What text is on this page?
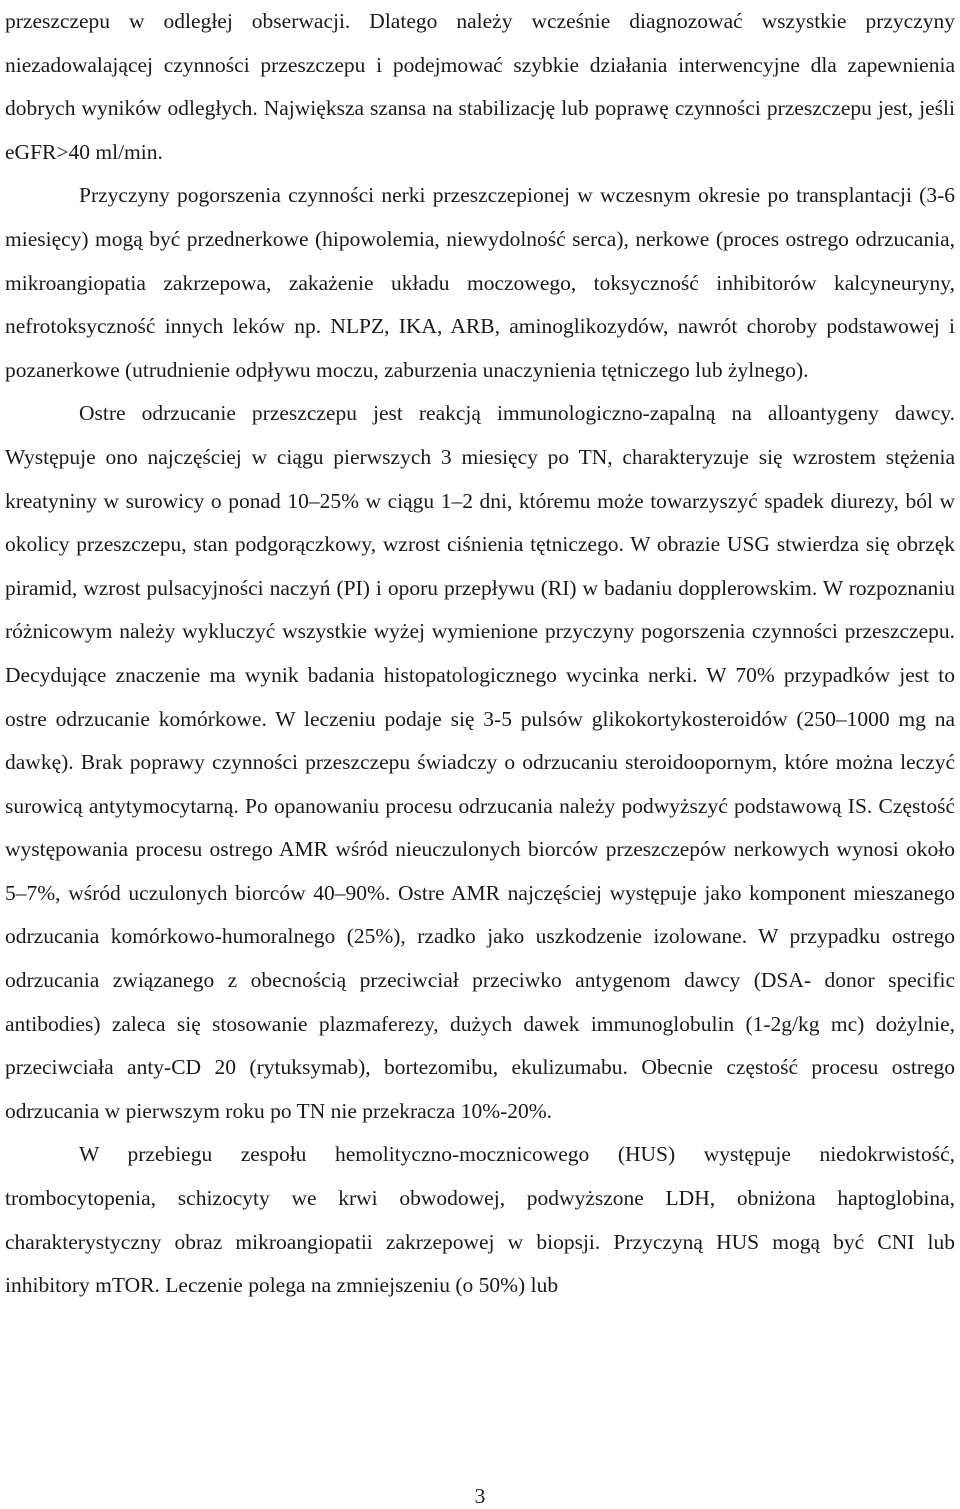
przeszczepu w odległej obserwacji. Dlatego należy wcześnie diagnozować wszystkie przyczyny niezadowalającej czynności przeszczepu i podejmować szybkie działania interwencyjne dla zapewnienia dobrych wyników odległych. Największa szansa na stabilizację lub poprawę czynności przeszczepu jest, jeśli eGFR>40 ml/min.

Przyczyny pogorszenia czynności nerki przeszczepionej w wczesnym okresie po transplantacji (3-6 miesięcy) mogą być przednerkowe (hipowolemia, niewydolność serca), nerkowe (proces ostrego odrzucania, mikroangiopatia zakrzepowa, zakażenie układu moczowego, toksyczność inhibitorów kalcyneuryny, nefrotoksyczność innych leków np. NLPZ, IKA, ARB, aminoglikozydów, nawrót choroby podstawowej i pozanerkowe (utrudnienie odpływu moczu, zaburzenia unaczynienia tętniczego lub żylnego).

Ostre odrzucanie przeszczepu jest reakcją immunologiczno-zapalną na alloantygeny dawcy. Występuje ono najczęściej w ciągu pierwszych 3 miesięcy po TN, charakteryzuje się wzrostem stężenia kreatyniny w surowicy o ponad 10–25% w ciągu 1–2 dni, któremu może towarzyszyć spadek diurezy, ból w okolicy przeszczepu, stan podgorączkowy, wzrost ciśnienia tętniczego. W obrazie USG stwierdza się obrzęk piramid, wzrost pulsacyjności naczyń (PI) i oporu przepływu (RI) w badaniu dopplerowskim. W rozpoznaniu różnicowym należy wykluczyć wszystkie wyżej wymienione przyczyny pogorszenia czynności przeszczepu. Decydujące znaczenie ma wynik badania histopatologicznego wycinka nerki. W 70% przypadków jest to ostre odrzucanie komórkowe. W leczeniu podaje się 3-5 pulsów glikokortykosteroidów (250–1000 mg na dawkę). Brak poprawy czynności przeszczepu świadczy o odrzucaniu steroidoopornym, które można leczyć surowicą antytymocytarną. Po opanowaniu procesu odrzucania należy podwyższyć podstawową IS. Częstość występowania procesu ostrego AMR wśród nieuczulonych biorców przeszczepów nerkowych wynosi około 5–7%, wśród uczulonych biorców 40–90%. Ostre AMR najczęściej występuje jako komponent mieszanego odrzucania komórkowo-humoralnego (25%), rzadko jako uszkodzenie izolowane. W przypadku ostrego odrzucania związanego z obecnością przeciwciał przeciwko antygenom dawcy (DSA- donor specific antibodies) zaleca się stosowanie plazmaferezy, dużych dawek immunoglobulin (1-2g/kg mc) dożylnie, przeciwciała anty-CD 20 (rytuksymab), bortezomibu, ekulizumabu. Obecnie częstość procesu ostrego odrzucania w pierwszym roku po TN nie przekracza 10%-20%.

W przebiegu zespołu hemolityczno-mocznicowego (HUS) występuje niedokrwistość, trombocytopenia, schizocyty we krwi obwodowej, podwyższone LDH, obniżona haptoglobina, charakterystyczny obraz mikroangiopatii zakrzepowej w biopsji. Przyczyną HUS mogą być CNI lub inhibitory mTOR. Leczenie polega na zmniejszeniu (o 50%) lub

3
